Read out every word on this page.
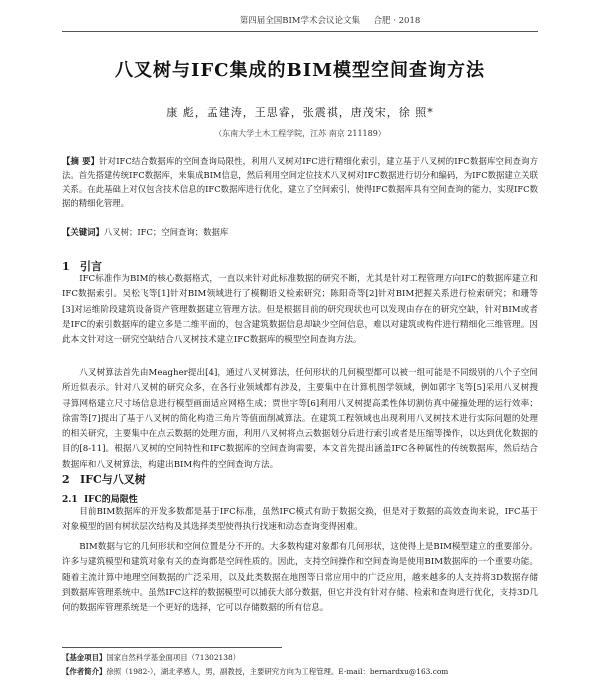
第四届全国BIM学术会议论文集 合肥 · 2018
八叉树与IFC集成的BIM模型空间查询方法
康 彪，孟建涛，王思睿，张震祺，唐茂宋，徐 照*
（东南大学土木工程学院，江苏 南京 211189）
【摘 要】针对IFC结合数据库的空间查询局限性，利用八叉树对IFC进行精细化索引，建立基于八叉树的IFC数据库空间查询方法。首先搭建传统IFC数据库，来集成BIM信息，然后利用空间定位技术八叉树对IFC数据进行切分和编码，为IFC数据建立关联关系。在此基础上对仅包含技术信息的IFC数据库进行优化，建立了空间索引，使得IFC数据库具有空间查询的能力，实现IFC数据的精细化管理。
【关键词】八叉树；IFC；空间查询；数据库
1 引言

IFC标准作为BIM的核心数据格式，一直以来针对此标准数据的研究不断，尤其是针对工程管理方向IFC的数据库建立和IFC数据索引。吴松飞等[1]针对BIM领域进行了模糊语义检索研究；陈阳奇等[2]针对BIM把握关系进行检索研究；和珊等[3]对运维阶段建筑设备资产管理数据建立管理方法。但是根据目前的研究现状也可以发现由存在的研究空缺，针对BIM或者是IFC的索引数据库的建立多是二维平面的，包含建筑数据信息却缺少空间信息，难以对建筑或构件进行精细化三维管理。因此本文针对这一研究空缺结合八叉树技术建立IFC数据库的模型空间查询方法。

八叉树算法首先由Meagher提出[4]，通过八叉树算法，任何形状的几何模型都可以被一组可能是不同级别的八个子空间所近似表示。针对八叉树的研究众多，在各行业领域都有涉及，主要集中在计算机图学领域，例如郭字飞等[5]采用八叉树搜寻算网格建立尺寸场信息进行模型画面适应网格生成；贾世宇等[6]利用八叉树提高柔性体切割仿真中碰撞处理的运行效率；徐雷等[7]提出了基于八叉树的简化构造三角片等值面削减算法。在建筑工程领域也出现利用八叉树技术进行实际问题的处理的相关研究，主要集中在点云数据的处理方面，利用八叉树将点云数据划分后进行索引或者是压缩等操作，以达到优化数据的目的[8-11]。根据八叉树的空间特性和IFC数据库的空间查询需要，本文首先提出涵盖IFC各种属性的传统数据库，然后结合数据库和八叉树算法，构建出BIM构件的空间查询方法。

2 IFC与八叉树
2.1 IFC的局限性

目前BIM数据库的开发多数都是基于IFC标准，虽然IFC模式有助于数据交换，但是对于数据的高效查询来说，IFC基于对象模型的固有树状层次结构及其选择类型使得执行找速和动态查询变得困难。

BIM数据与它的几何形状和空间位置是分不开的。大多数构建对象都有几何形状，这使得上是BIM模型建立的重要部分。许多与建筑模型和建筑对象有关的查询都是空间性质的。因此，支持空间操作和空间查询是使用BIM数据库的一个重要功能。随着主流计算中地理空间数据的广泛采用，以及此类数据在地图等日常应用中的广泛应用，越来越多的人支持将3D数据存储到数据库管理系统中。虽然IFC这样的数据模型可以捕获大部分数据，但它并没有针对存储、检索和查询进行优化，支持3D几何的数据库管理系统是一个更好的选择，它可以存储数据的所有信息。

【基金项目】国家自然科学基金面项目（71302138）
【作者简介】徐照（1982-），湖北孝感人，男，副教授，主要研究方向为工程管理。E-mail：bernardxu@163.com
